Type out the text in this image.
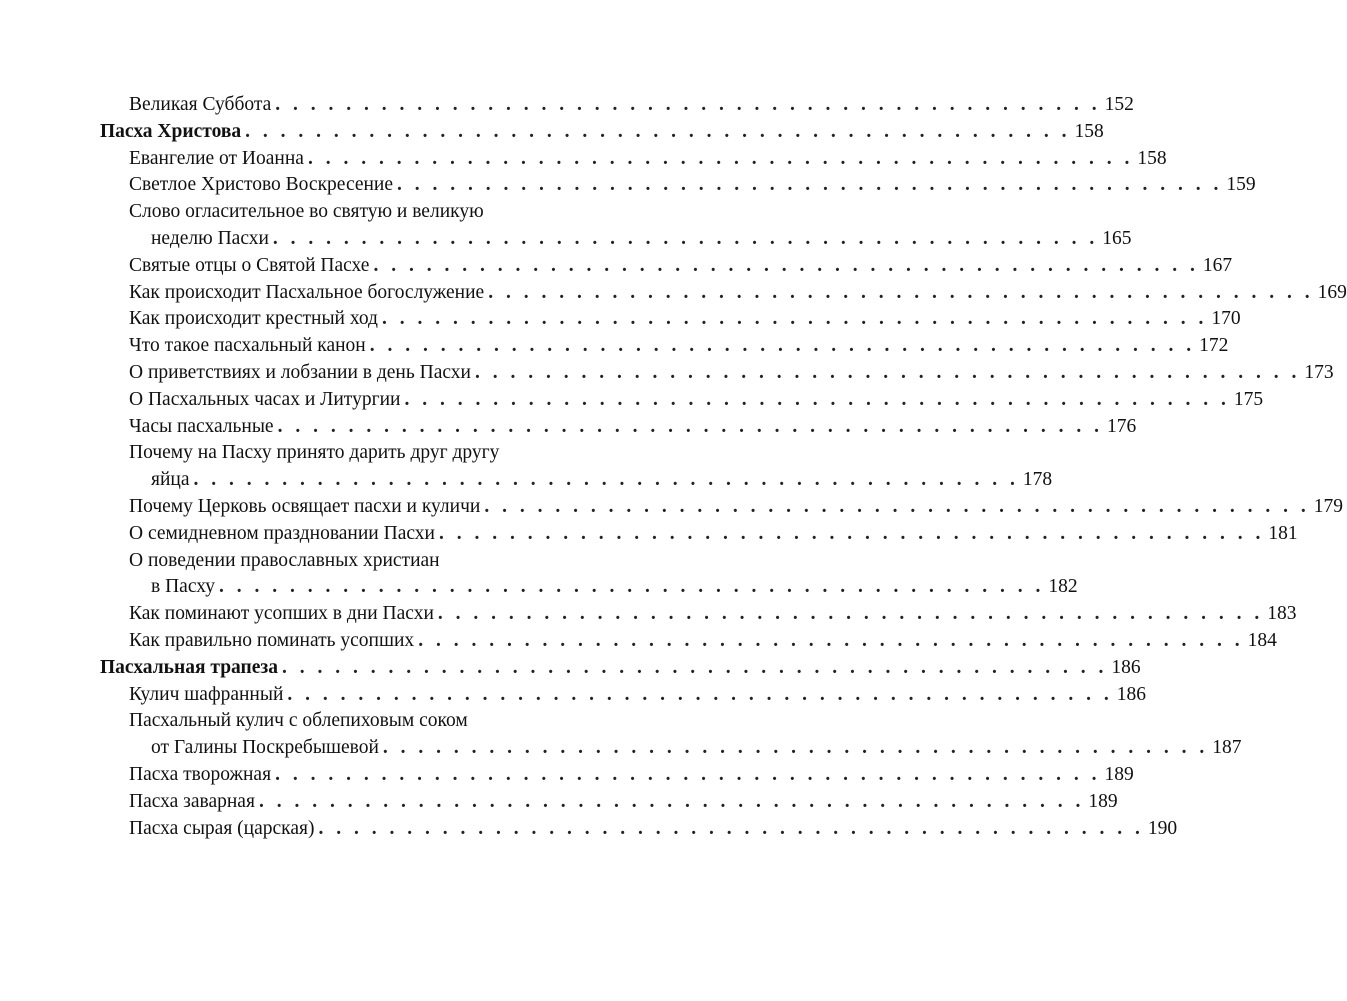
Великая Суббота . . . . . . . . . . . . . . . . . . . . . . . . . . . . . . . . . . . . . . . . . . . . . . . 152
Пасха Христова . . . . . . . . . . . . . . . . . . . . . . . . . . . . . . . . . . . . . . . . . . . . . . . 158
Евангелие от Иоанна . . . . . . . . . . . . . . . . . . . . . . . . . . . . . . . . . . . . . . . . . . . . . . . 158
Светлое Христово Воскресение . . . . . . . . . . . . . . . . . . . . . . . . . . . . . . . . . . . . . . . . . . . . . . . 159
Слово огласительное во святую и великую
неделю Пасхи . . . . . . . . . . . . . . . . . . . . . . . . . . . . . . . . . . . . . . . . . . . . . . . 165
Святые отцы о Святой Пасхе . . . . . . . . . . . . . . . . . . . . . . . . . . . . . . . . . . . . . . . . . . . . . . . 167
Как происходит Пасхальное богослужение . . . . . . . . . . . . . . . . . . . . . . . . . . . . . . . . . . . . . . . . . . . . . . . 169
Как происходит крестный ход . . . . . . . . . . . . . . . . . . . . . . . . . . . . . . . . . . . . . . . . . . . . . . . 170
Что такое пасхальный канон . . . . . . . . . . . . . . . . . . . . . . . . . . . . . . . . . . . . . . . . . . . . . . . 172
О приветствиях и лобзании в день Пасхи . . . . . . . . . . . . . . . . . . . . . . . . . . . . . . . . . . . . . . . . . . . . . . . 173
О Пасхальных часах и Литургии . . . . . . . . . . . . . . . . . . . . . . . . . . . . . . . . . . . . . . . . . . . . . . . 175
Часы пасхальные . . . . . . . . . . . . . . . . . . . . . . . . . . . . . . . . . . . . . . . . . . . . . . . 176
Почему на Пасху принято дарить друг другу
яйца . . . . . . . . . . . . . . . . . . . . . . . . . . . . . . . . . . . . . . . . . . . . . . . 178
Почему Церковь освящает пасхи и куличи . . . . . . . . . . . . . . . . . . . . . . . . . . . . . . . . . . . . . . . . . . . . . . . 179
О семидневном праздновании Пасхи . . . . . . . . . . . . . . . . . . . . . . . . . . . . . . . . . . . . . . . . . . . . . . . 181
О поведении православных христиан
в Пасху . . . . . . . . . . . . . . . . . . . . . . . . . . . . . . . . . . . . . . . . . . . . . . . 182
Как поминают усопших в дни Пасхи . . . . . . . . . . . . . . . . . . . . . . . . . . . . . . . . . . . . . . . . . . . . . . . 183
Как правильно поминать усопших . . . . . . . . . . . . . . . . . . . . . . . . . . . . . . . . . . . . . . . . . . . . . . . 184
Пасхальная трапеза . . . . . . . . . . . . . . . . . . . . . . . . . . . . . . . . . . . . . . . . . . . . . . . 186
Кулич шафранный . . . . . . . . . . . . . . . . . . . . . . . . . . . . . . . . . . . . . . . . . . . . . . . 186
Пасхальный кулич с облепиховым соком
от Галины Поскребышевой . . . . . . . . . . . . . . . . . . . . . . . . . . . . . . . . . . . . . . . . . . . . . . . 187
Пасха творожная . . . . . . . . . . . . . . . . . . . . . . . . . . . . . . . . . . . . . . . . . . . . . . . 189
Пасха заварная . . . . . . . . . . . . . . . . . . . . . . . . . . . . . . . . . . . . . . . . . . . . . . . 189
Пасха сырая (царская) . . . . . . . . . . . . . . . . . . . . . . . . . . . . . . . . . . . . . . . . . . . . . . . 190
